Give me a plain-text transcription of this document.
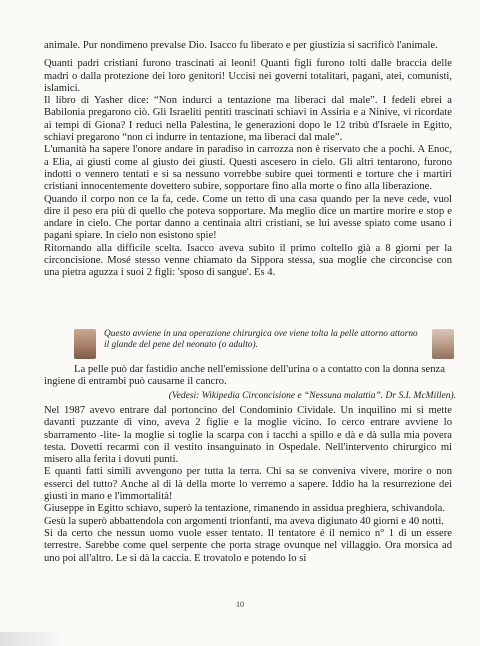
animale. Pur nondimeno prevalse Dio. Isacco fu liberato e per giustizia si sacrificò l'animale.

Quanti padri cristiani furono trascinati ai leoni! Quanti figli furono tolti dalle braccia delle madri o dalla protezione dei loro genitori! Uccisi nei governi totalitari, pagani, atei, comunisti, islamici.

Il libro di Yasher dice: “Non indurci a tentazione ma liberaci dal male”. I fedeli ebrei a Babilonia pregarono ciò. Gli Israeliti pentiti trascinati schiavi in Assiria e a Ninive, vi ricordate ai tempi di Giona? I reduci nella Palestina, le generazioni dopo le 12 tribù d'Israele in Egitto, schiavi pregarono “non ci indurre in tentazione, ma liberaci dal male”.

L'umanità ha sapere l'onore andare in paradiso in carrozza non è riservato che a pochi. A Enoc, a Elia, ai giusti come al giusto dei giusti. Questi ascesero in cielo. Gli altri tentarono, furono indotti o vennero tentati e si sa nessuno vorrebbe subire quei tormenti e torture che i martiri cristiani innocentemente dovettero subire, sopportare fino alla morte o fino alla liberazione.

Quando il corpo non ce la fa, cede. Come un tetto di una casa quando per la neve cede, vuol dire il peso era più di quello che poteva sopportare. Ma meglio dice un martire morire e stop e andare in cielo. Che portar danno a centinaia altri cristiani, se lui avesse spiato come usano i pagani spiare. In cielo non esistono spie!

Ritornando alla difficile scelta. Isacco aveva subito il primo coltello già a 8 giorni per la circoncisione. Mosé stesso venne chiamato da Sippora stessa, sua moglie che circoncise con una pietra aguzza i suoi 2 figli: 'sposo di sangue'. Es 4.

Questo avviene in una operazione chirurgica ove viene tolta la pelle attorno attorno il glande del pene del neonato (o adulto).
La pelle può dar fastidio anche nell'emissione dell'urina o a contatto con la donna senza ingiene di entrambi può causarne il cancro.
(Vedesi: Wikipedia Circoncisione e “Nessuna malattia”. Dr S.I. McMillen).

Nel 1987 avevo entrare dal portoncino del Condominio Cividale. Un inquilino mi si mette davanti puzzante di vino, aveva 2 figlie e la moglie vicino. Io cerco entrare avviene lo sbarramento -lite- la moglie si toglie la scarpa con i tacchi a spillo e dà e dà sulla mia povera testa. Dovetti recarmi con il vestito insanguinato in Ospedale. Nell'intervento chirurgico mi misero alla ferita i dovuti punti.

E quanti fatti simili avvengono per tutta la terra. Chi sa se conveniva vivere, morire o non esserci del tutto? Anche al di là della morte lo verremo a sapere. Iddio ha la resurrezione dei giusti in mano e l'immortalità!

Giuseppe in Egitto schiavo, superò la tentazione, rimanendo in assidua preghiera, schivandola.

Gesù la superò abbattendola con argomenti trionfanti, ma aveva digiunato 40 giorni e 40 notti.

Si da certo che nessun uomo vuole esser tentato. Il tentatore é il nemico n° 1 di un essere terrestre. Sarebbe come quel serpente che porta strage ovunque nel villaggio. Ora morsica ad uno poi all'altro. Le si dà la caccia. E trovatolo e potendo lo si

10
